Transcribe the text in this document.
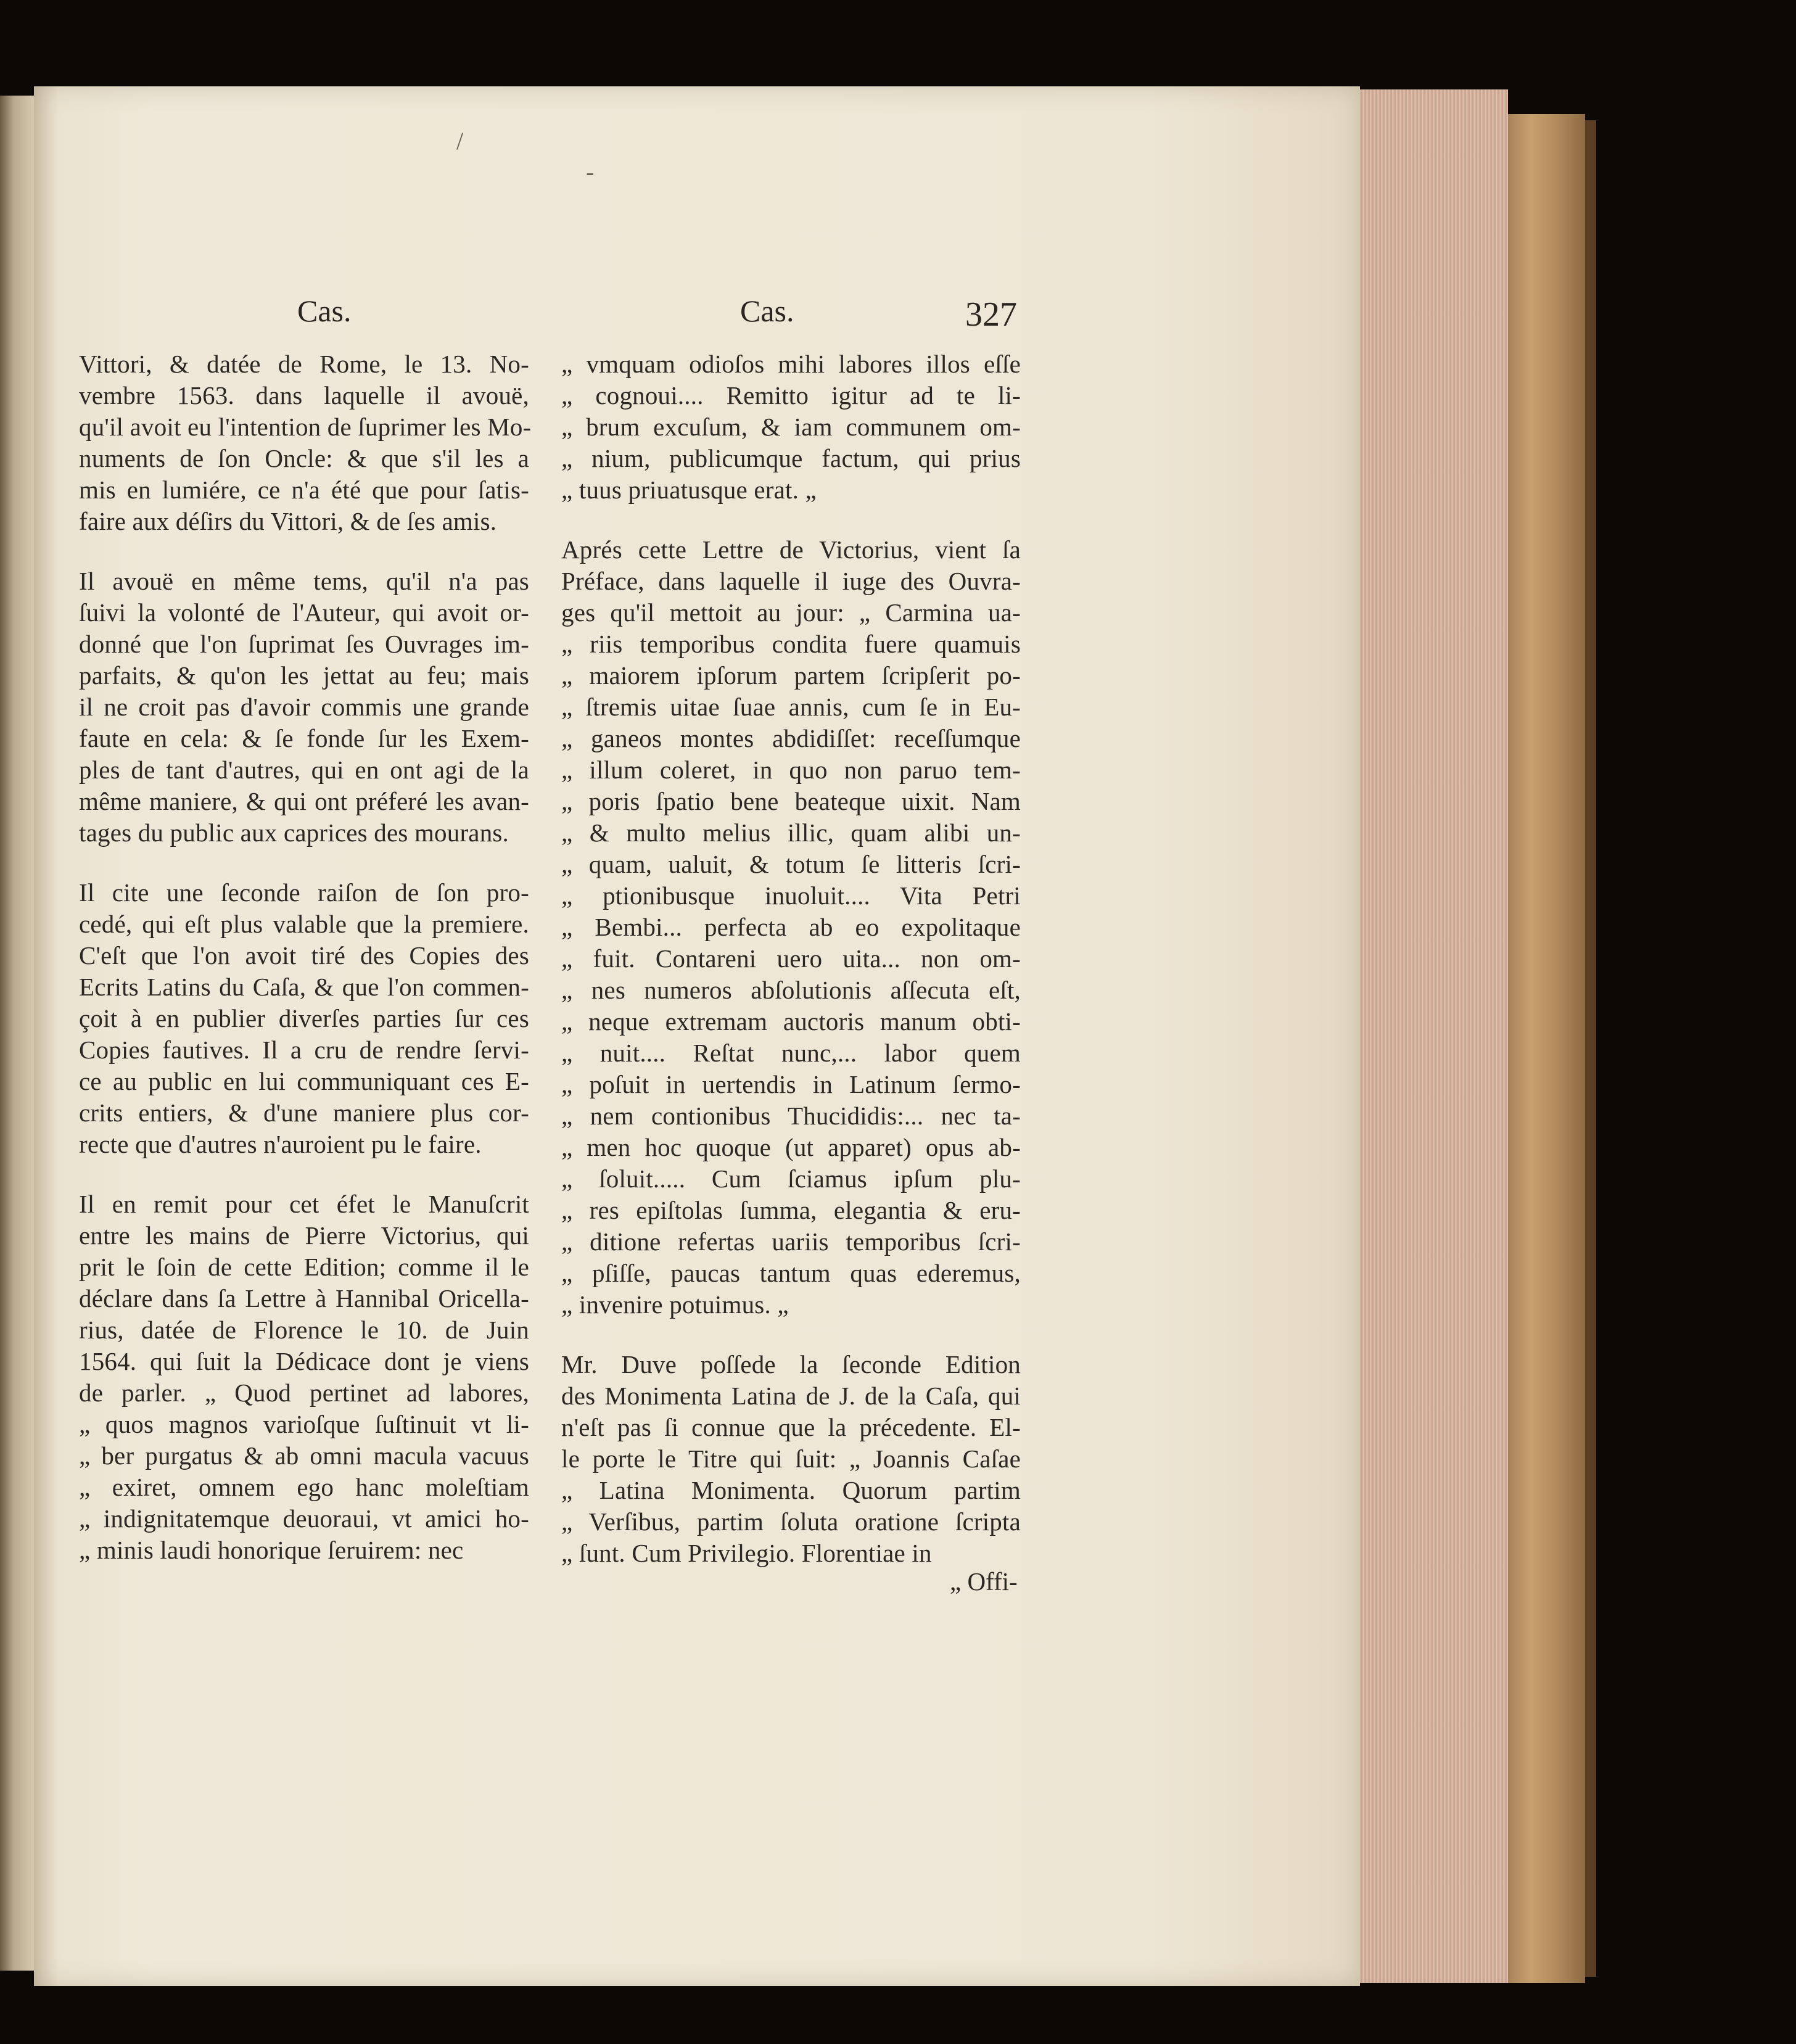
/
-
Cas.	Cas.	327

Vittori, & datée de Rome, le 13. No-
vembre 1563. dans laquelle il avouë,
qu'il avoit eu l'intention de ſuprimer les Mo-
numents de ſon Oncle: & que s'il les a
mis en lumiére, ce n'a été que pour ſatis-
faire aux déſirs du Vittori, & de ſes amis.

Il avouë en même tems, qu'il n'a pas
ſuivi la volonté de l'Auteur, qui avoit or-
donné que l'on ſuprimat ſes Ouvrages im-
parfaits, & qu'on les jettat au feu; mais
il ne croit pas d'avoir commis une grande
faute en cela: & ſe fonde ſur les Exem-
ples de tant d'autres, qui en ont agi de la
même maniere, & qui ont préferé les avan-
tages du public aux caprices des mourans.

Il cite une ſeconde raiſon de ſon pro-
cedé, qui eſt plus valable que la premiere.
C'eſt que l'on avoit tiré des Copies des
Ecrits Latins du Caſa, & que l'on commen-
çoit à en publier diverſes parties ſur ces
Copies fautives. Il a cru de rendre ſervi-
ce au public en lui communiquant ces E-
crits entiers, & d'une maniere plus cor-
recte que d'autres n'auroient pu le faire.

Il en remit pour cet éfet le Manuſcrit
entre les mains de Pierre Victorius, qui
prit le ſoin de cette Edition; comme il le
déclare dans ſa Lettre à Hannibal Oricella-
rius, datée de Florence le 10. de Juin
1564. qui ſuit la Dédicace dont je viens
de parler. „ Quod pertinet ad labores,
„ quos magnos varioſque ſuſtinuit vt li-
„ ber purgatus & ab omni macula vacuus
„ exiret, omnem ego hanc moleſtiam
„ indignitatemque deuoraui, vt amici ho-
„ minis laudi honorique ſeruirem: nec

„ vmquam odioſos mihi labores illos eſſe
„ cognoui.... Remitto igitur ad te li-
„ brum excuſum, & iam communem om-
„ nium, publicumque factum, qui prius
„ tuus priuatusque erat. „

Aprés cette Lettre de Victorius, vient ſa
Préface, dans laquelle il iuge des Ouvra-
ges qu'il mettoit au jour: „ Carmina ua-
„ riis temporibus condita fuere quamuis
„ maiorem ipſorum partem ſcripſerit po-
„ ſtremis uitae ſuae annis, cum ſe in Eu-
„ ganeos montes abdidiſſet: receſſumque
„ illum coleret, in quo non paruo tem-
„ poris ſpatio bene beateque uixit. Nam
„ & multo melius illic, quam alibi un-
„ quam, ualuit, & totum ſe litteris ſcri-
„ ptionibusque inuoluit.... Vita Petri
„ Bembi... perfecta ab eo expolitaque
„ fuit. Contareni uero uita... non om-
„ nes numeros abſolutionis aſſecuta eſt,
„ neque extremam auctoris manum obti-
„ nuit.... Reſtat nunc,... labor quem
„ poſuit in uertendis in Latinum ſermo-
„ nem contionibus Thucididis:... nec ta-
„ men hoc quoque (ut apparet) opus ab-
„ ſoluit..... Cum ſciamus ipſum plu-
„ res epiſtolas ſumma, elegantia & eru-
„ ditione refertas uariis temporibus ſcri-
„ pſiſſe, paucas tantum quas ederemus,
„ invenire potuimus. „

Mr. Duve poſſede la ſeconde Edition
des Monimenta Latina de J. de la Caſa, qui
n'eſt pas ſi connue que la précedente. El-
le porte le Titre qui ſuit: „ Joannis Caſae
„ Latina Monimenta. Quorum partim
„ Verſibus, partim ſoluta oratione ſcripta
„ ſunt. Cum Privilegio. Florentiae in

„ Offi-
